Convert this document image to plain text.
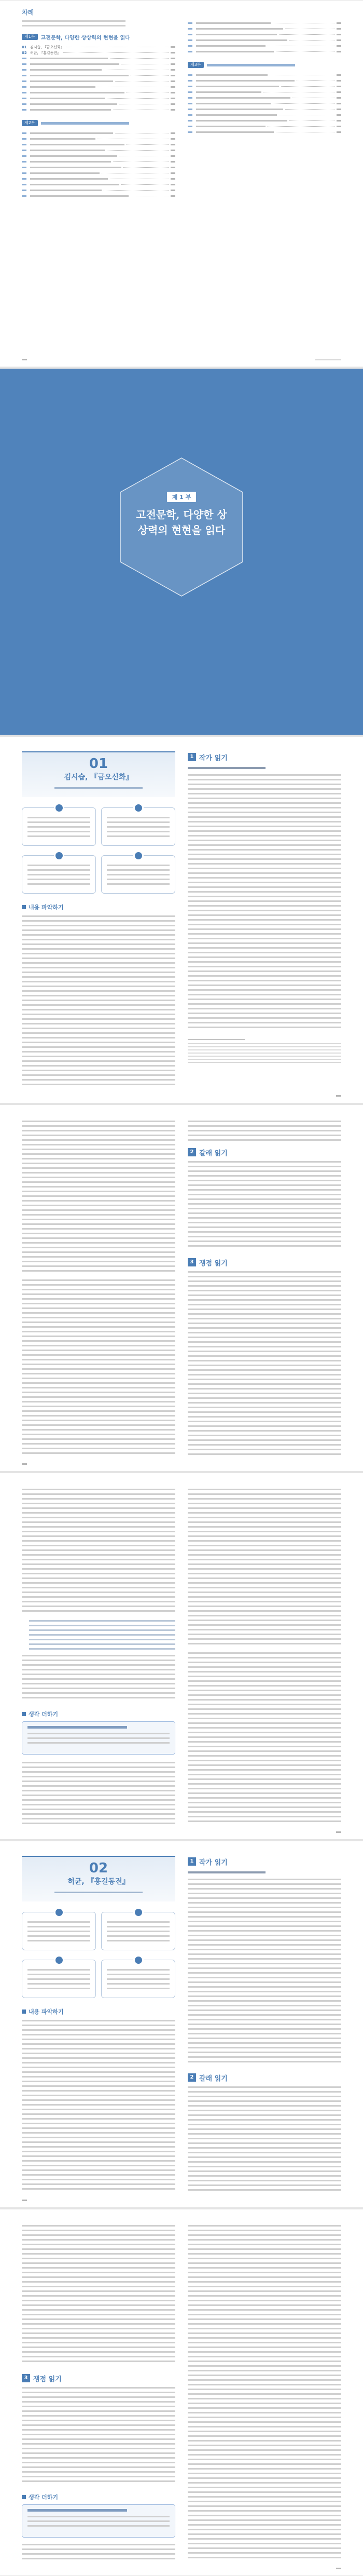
차례
제1부	고전문학, 다양한 상상력의 현현을 읽다
01 김시습, 『금오신화』
02 허균, 『홍길동전』
제2부
제3부
제 1 부
고전문학, 다양한 상상력의 현현을 읽다
01
김시습, 『금오신화』
내용 파악하기
1 작가 읽기
2 갈래 읽기
3 쟁점 읽기
생각 더하기
02
허균, 『홍길동전』
내용 파악하기
1 작가 읽기
2 갈래 읽기
3 쟁점 읽기
생각 더하기
